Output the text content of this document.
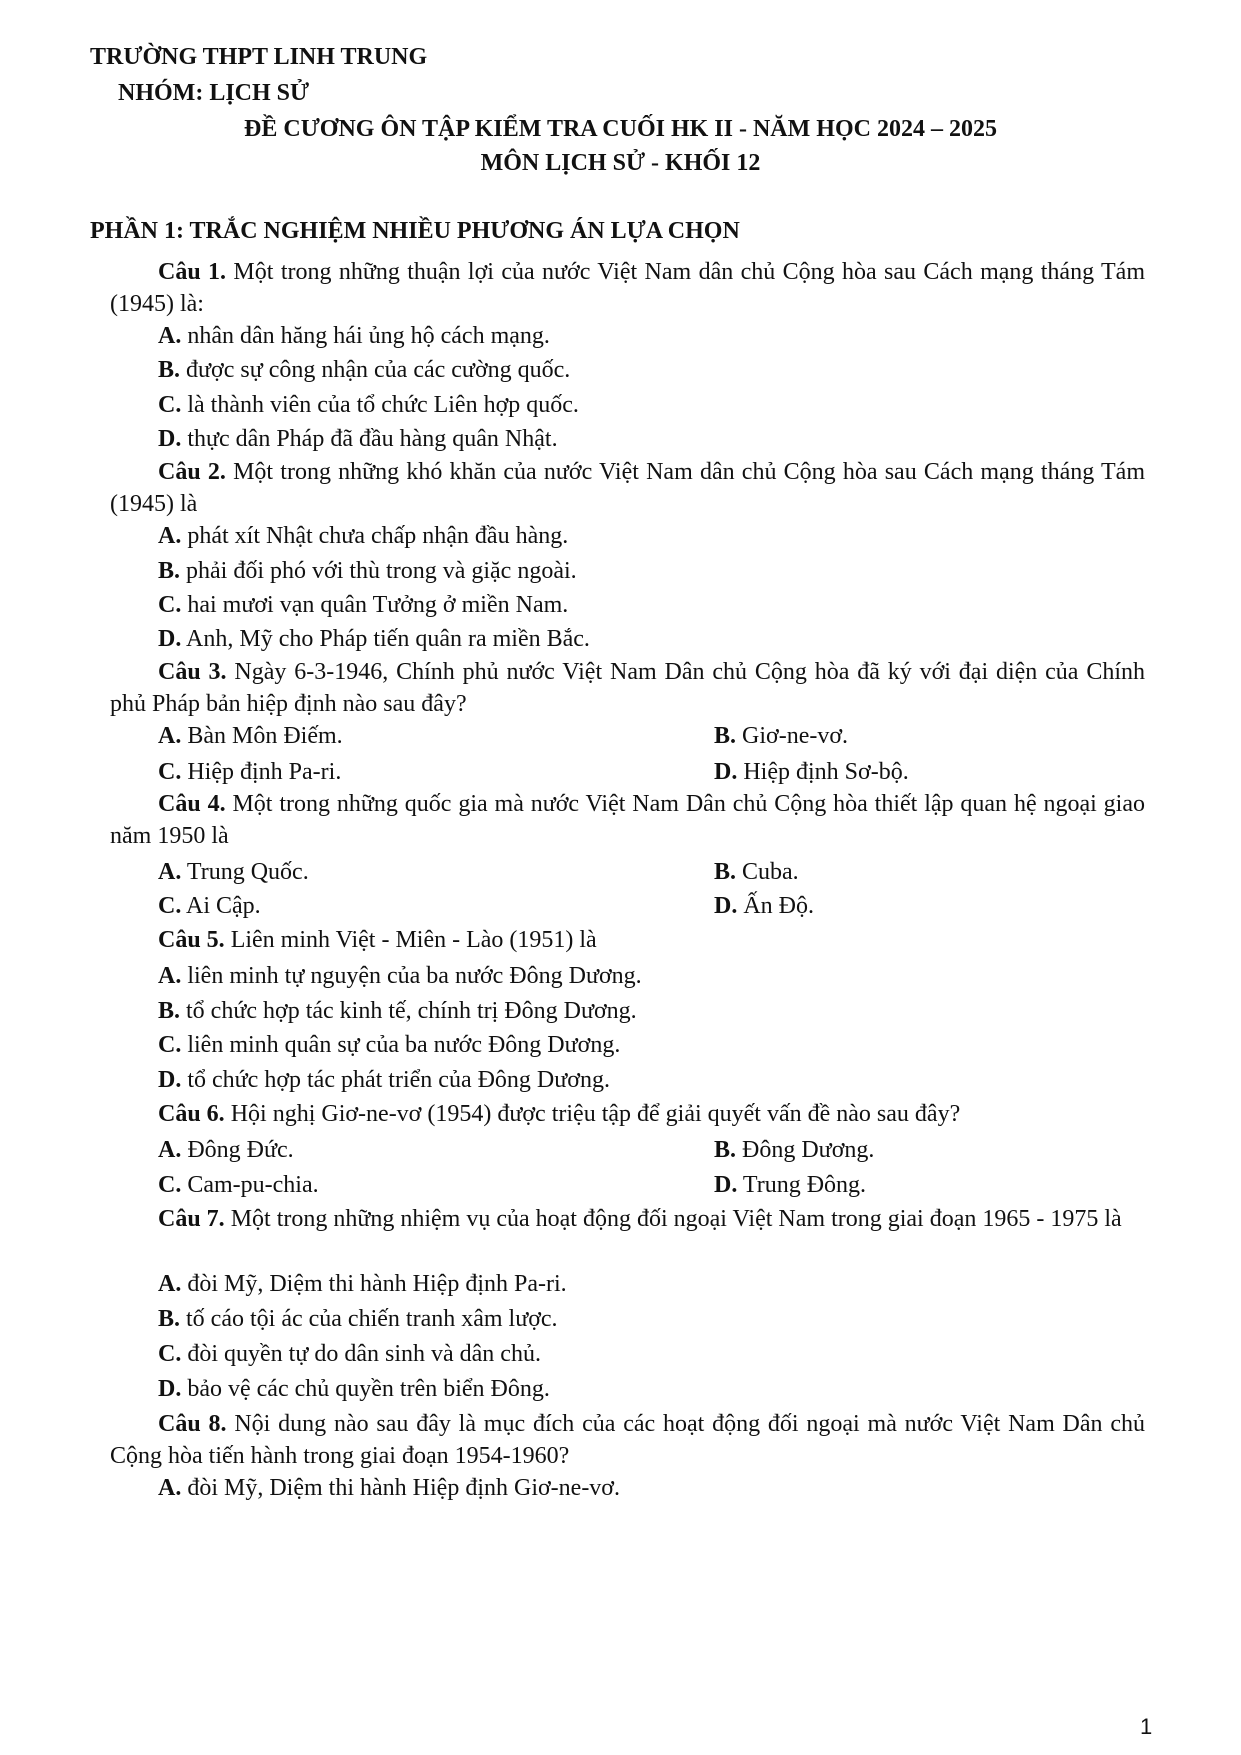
TRƯỜNG THPT LINH TRUNG
NHÓM: LỊCH SỬ
ĐỀ CƯƠNG ÔN TẬP KIỂM TRA CUỐI HK II - NĂM HỌC 2024 – 2025
MÔN LỊCH SỬ - KHỐI 12
PHẦN 1: TRẮC NGHIỆM NHIỀU PHƯƠNG ÁN LỰA CHỌN
Câu 1. Một trong những thuận lợi của nước Việt Nam dân chủ Cộng hòa sau Cách mạng tháng Tám (1945) là:
A. nhân dân hăng hái ủng hộ cách mạng.
B. được sự công nhận của các cường quốc.
C. là thành viên của tổ chức Liên hợp quốc.
D. thực dân Pháp đã đầu hàng quân Nhật.
Câu 2. Một trong những khó khăn của nước Việt Nam dân chủ Cộng hòa sau Cách mạng tháng Tám (1945) là
A. phát xít Nhật chưa chấp nhận đầu hàng.
B. phải đối phó với thù trong và giặc ngoài.
C. hai mươi vạn quân Tưởng ở miền Nam.
D. Anh, Mỹ cho Pháp tiến quân ra miền Bắc.
Câu 3. Ngày 6-3-1946, Chính phủ nước Việt Nam Dân chủ Cộng hòa đã ký với đại diện của Chính phủ Pháp bản hiệp định nào sau đây?
A. Bàn Môn Điếm.	B. Giơ-ne-vơ.
C. Hiệp định Pa-ri.	D. Hiệp định Sơ-bộ.
Câu 4. Một trong những quốc gia mà nước Việt Nam Dân chủ Cộng hòa thiết lập quan hệ ngoại giao năm 1950 là
A. Trung Quốc.	B. Cuba.
C. Ai Cập.	D. Ấn Độ.
Câu 5. Liên minh Việt - Miên - Lào (1951) là
A. liên minh tự nguyện của ba nước Đông Dương.
B. tổ chức hợp tác kinh tế, chính trị Đông Dương.
C. liên minh quân sự của ba nước Đông Dương.
D. tổ chức hợp tác phát triển của Đông Dương.
Câu 6. Hội nghị Giơ-ne-vơ (1954) được triệu tập để giải quyết vấn đề nào sau đây?
A. Đông Đức.	B. Đông Dương.
C. Cam-pu-chia.	D. Trung Đông.
Câu 7. Một trong những nhiệm vụ của hoạt động đối ngoại Việt Nam trong giai đoạn 1965 - 1975 là
A. đòi Mỹ, Diệm thi hành Hiệp định Pa-ri.
B. tố cáo tội ác của chiến tranh xâm lược.
C. đòi quyền tự do dân sinh và dân chủ.
D. bảo vệ các chủ quyền trên biển Đông.
Câu 8. Nội dung nào sau đây là mục đích của các hoạt động đối ngoại mà nước Việt Nam Dân chủ Cộng hòa tiến hành trong giai đoạn 1954-1960?
A. đòi Mỹ, Diệm thi hành Hiệp định Giơ-ne-vơ.
1
